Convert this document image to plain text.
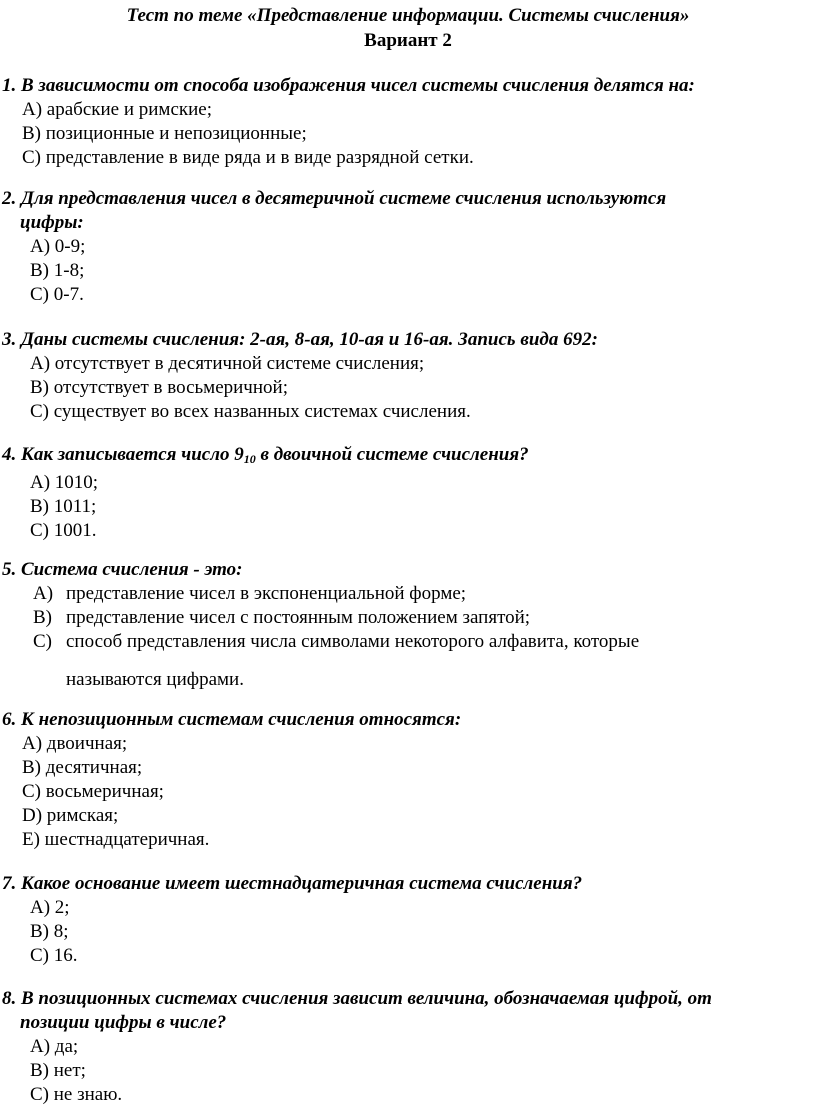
Тест по теме «Представление информации. Системы счисления»
Вариант 2
1. В зависимости от способа изображения чисел системы счисления делятся на:
A) арабские и римские;
B) позиционные и непозиционные;
C) представление в виде ряда и в виде разрядной сетки.
2. Для представления чисел в десятеричной системе счисления используются
цифры:
A) 0-9;
B) 1-8;
C) 0-7.
3. Даны системы счисления: 2-ая, 8-ая, 10-ая и 16-ая. Запись вида 692:
A) отсутствует в десятичной системе счисления;
B) отсутствует в восьмеричной;
C) существует во всех названных системах счисления.
4. Как записывается число $9_{10}$ в двоичной системе счисления?
A) 1010;
B) 1011;
C) 1001.
5. Система счисления - это:
A) представление чисел в экспоненциальной форме;
B) представление чисел с постоянным положением запятой;
C) способ представления числа символами некоторого алфавита, которые
называются цифрами.
6. К непозиционным системам счисления относятся:
A) двоичная;
B) десятичная;
C) восьмеричная;
D) римская;
E) шестнадцатеричная.
7. Какое основание имеет шестнадцатеричная система счисления?
A) 2;
B) 8;
C) 16.
8. В позиционных системах счисления зависит величина, обозначаемая цифрой, от
позиции цифры в числе?
A) да;
B) нет;
C) не знаю.
